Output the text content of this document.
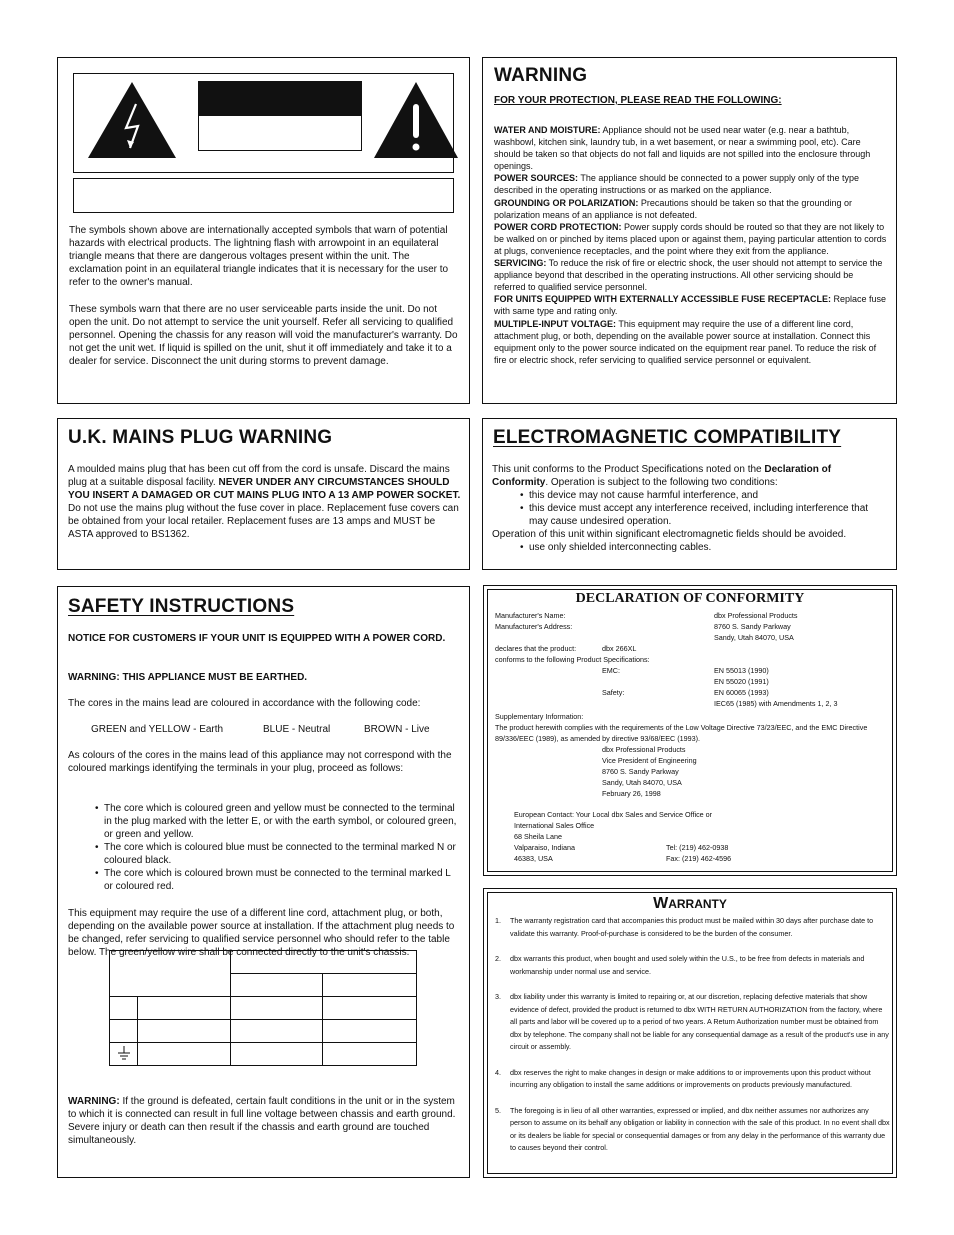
The symbols shown above are internationally accepted symbols that warn of potential hazards with electrical products. The lightning flash with arrowpoint in an equilateral triangle means that there are dangerous voltages present within the unit. The exclamation point in an equilateral triangle indicates that it is necessary for the user to refer to the owner's manual.

These symbols warn that there are no user serviceable parts inside the unit. Do not open the unit. Do not attempt to service the unit yourself. Refer all servicing to qualified personnel. Opening the chassis for any reason will void the manufacturer's warranty. Do not get the unit wet. If liquid is spilled on the unit, shut it off immediately and take it to a dealer for service. Disconnect the unit during storms to prevent damage.

WARNING
FOR YOUR PROTECTION, PLEASE READ THE FOLLOWING:

WATER AND MOISTURE: Appliance should not be used near water (e.g. near a bathtub, washbowl, kitchen sink, laundry tub, in a wet basement, or near a swimming pool, etc). Care should be taken so that objects do not fall and liquids are not spilled into the enclosure through openings.

POWER SOURCES: The appliance should be connected to a power supply only of the type described in the operating instructions or as marked on the appliance.

GROUNDING OR POLARIZATION: Precautions should be taken so that the grounding or polarization means of an appliance is not defeated.

POWER CORD PROTECTION: Power supply cords should be routed so that they are not likely to be walked on or pinched by items placed upon or against them, paying particular attention to cords at plugs, convenience receptacles, and the point where they exit from the appliance.

SERVICING: To reduce the risk of fire or electric shock, the user should not attempt to service the appliance beyond that described in the operating instructions. All other servicing should be referred to qualified service personnel.

FOR UNITS EQUIPPED WITH EXTERNALLY ACCESSIBLE FUSE RECEPTACLE: Replace fuse with same type and rating only.

MULTIPLE-INPUT VOLTAGE: This equipment may require the use of a different line cord, attachment plug, or both, depending on the available power source at installation. Connect this equipment only to the power source indicated on the equipment rear panel. To reduce the risk of fire or electric shock, refer servicing to qualified service personnel or equivalent.

U.K. MAINS PLUG WARNING

A moulded mains plug that has been cut off from the cord is unsafe. Discard the mains plug at a suitable disposal facility. NEVER UNDER ANY CIRCUMSTANCES SHOULD YOU INSERT A DAMAGED OR CUT MAINS PLUG INTO A 13 AMP POWER SOCKET. Do not use the mains plug without the fuse cover in place. Replacement fuse covers can be obtained from your local retailer. Replacement fuses are 13 amps and MUST be ASTA approved to BS1362.

ELECTROMAGNETIC COMPATIBILITY

This unit conforms to the Product Specifications noted on the Declaration of Conformity. Operation is subject to the following two conditions:

• this device may not cause harmful interference, and

• this device must accept any interference received, including interference that may cause undesired operation.

Operation of this unit within significant electromagnetic fields should be avoided.

• use only shielded interconnecting cables.

SAFETY INSTRUCTIONS

NOTICE FOR CUSTOMERS IF YOUR UNIT IS EQUIPPED WITH A POWER CORD.

WARNING: THIS APPLIANCE MUST BE EARTHED.

The cores in the mains lead are coloured in accordance with the following code:

GREEN and YELLOW - Earth	BLUE - Neutral	BROWN - Live

As colours of the cores in the mains lead of this appliance may not correspond with the coloured markings identifying the terminals in your plug, proceed as follows:

• The core which is coloured green and yellow must be connected to the terminal in the plug marked with the letter E, or with the earth symbol, or coloured green, or green and yellow.

• The core which is coloured blue must be connected to the terminal marked N or coloured black.

• The core which is coloured brown must be connected to the terminal marked L or coloured red.

This equipment may require the use of a different line cord, attachment plug, or both, depending on the available power source at installation. If the attachment plug needs to be changed, refer servicing to qualified service personnel who should refer to the table below. The green/yellow wire shall be connected directly to the unit's chassis.

WARNING: If the ground is defeated, certain fault conditions in the unit or in the system to which it is connected can result in full line voltage between chassis and earth ground. Severe injury or death can then result if the chassis and earth ground are touched simultaneously.

DECLARATION OF CONFORMITY
Manufacturer's Name:	dbx Professional Products
Manufacturer's Address:	8760 S. Sandy Parkway
Sandy, Utah 84070, USA
declares that the product:	dbx 266XL
conforms to the following Product Specifications:
EMC:	EN 55013 (1990)
EN 55020 (1991)
Safety:	EN 60065 (1993)
IEC65 (1985) with Amendments 1, 2, 3
Supplementary Information:
The product herewith complies with the requirements of the Low Voltage Directive 73/23/EEC, and the EMC Directive 89/336/EEC (1989), as amended by directive 93/68/EEC (1993).
dbx Professional Products
Vice President of Engineering
8760 S. Sandy Parkway
Sandy, Utah 84070, USA
February 26, 1998
European Contact: Your Local dbx Sales and Service Office or
International Sales Office
68 Sheila Lane
Valparaiso, Indiana	Tel: (219) 462-0938
46383, USA	Fax: (219) 462-4596
WARRANTY
1. The warranty registration card that accompanies this product must be mailed within 30 days after purchase date to validate this warranty. Proof-of-purchase is considered to be the burden of the consumer.
2. dbx warrants this product, when bought and used solely within the U.S., to be free from defects in materials and workmanship under normal use and service.
3. dbx liability under this warranty is limited to repairing or, at our discretion, replacing defective materials that show evidence of defect, provided the product is returned to dbx WITH RETURN AUTHORIZATION from the factory, where all parts and labor will be covered up to a period of two years. A Return Authorization number must be obtained from dbx by telephone. The company shall not be liable for any consequential damage as a result of the product's use in any circuit or assembly.
4. dbx reserves the right to make changes in design or make additions to or improvements upon this product without incurring any obligation to install the same additions or improvements on products previously manufactured.
5. The foregoing is in lieu of all other warranties, expressed or implied, and dbx neither assumes nor authorizes any person to assume on its behalf any obligation or liability in connection with the sale of this product. In no event shall dbx or its dealers be liable for special or consequential damages or from any delay in the performance of this warranty due to causes beyond their control.
